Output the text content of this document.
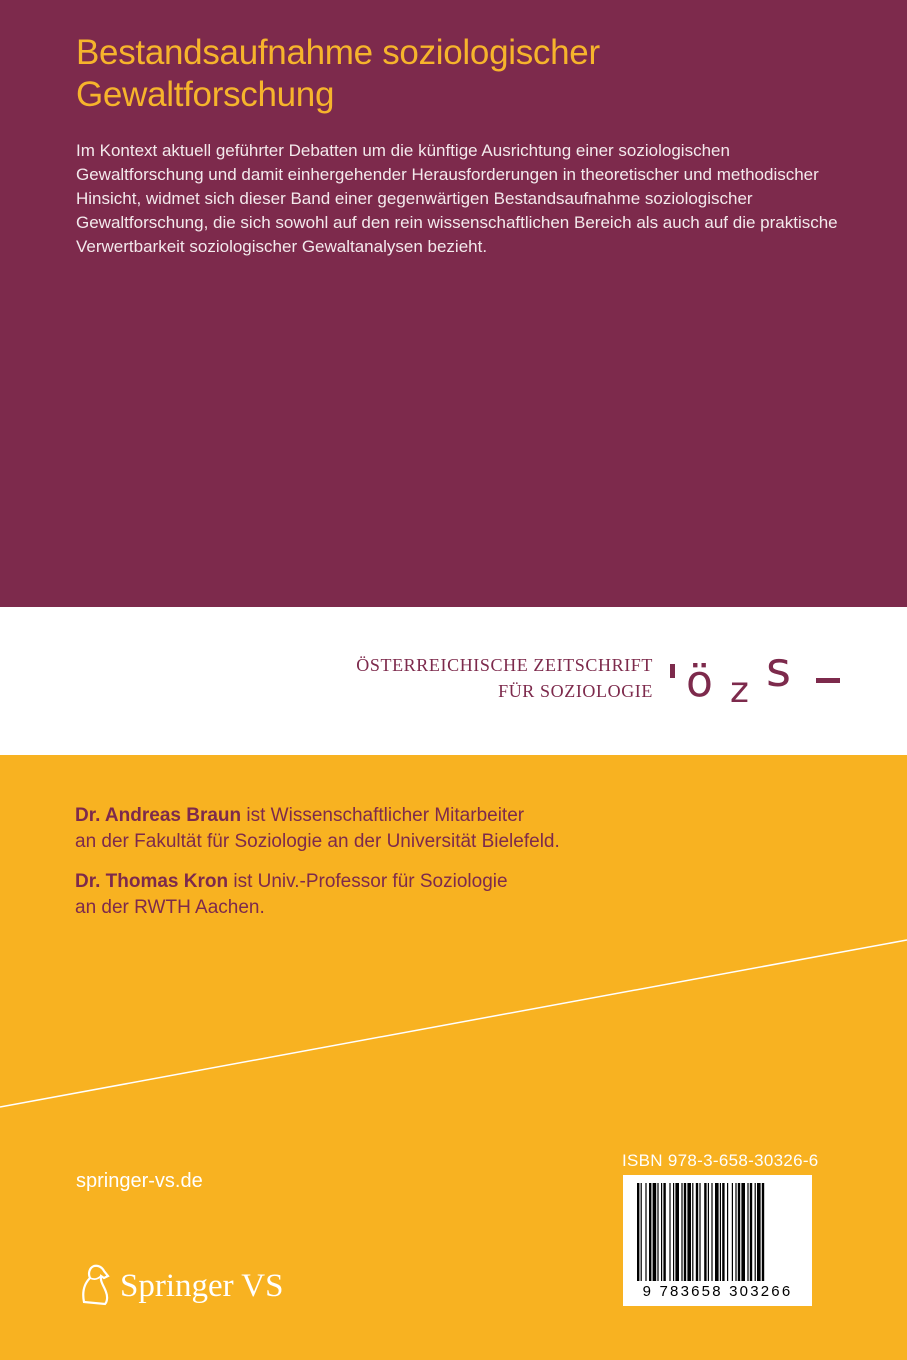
Bestandsaufnahme soziologischer
Gewaltforschung
Im Kontext aktuell geführter Debatten um die künftige Ausrichtung einer soziologischen Gewaltforschung und damit einhergehender Herausforderungen in theoretischer und methodischer Hinsicht, widmet sich dieser Band einer gegenwärtigen Bestandsaufnahme soziologischer Gewaltforschung, die sich sowohl auf den rein wissenschaftlichen Bereich als auch auf die praktische Verwertbarkeit soziologischer Gewaltanalysen bezieht.
ÖSTERREICHISCHE ZEITSCHRIFT
FÜR SOZIOLOGIE ö z s

Dr. Andreas Braun ist Wissenschaftlicher Mitarbeiter
an der Fakultät für Soziologie an der Universität Bielefeld.

Dr. Thomas Kron ist Univ.-Professor für Soziologie
an der RWTH Aachen.

springer-vs.de
Springer VS
ISBN 978-3-658-30326-6
9 783658 303266
